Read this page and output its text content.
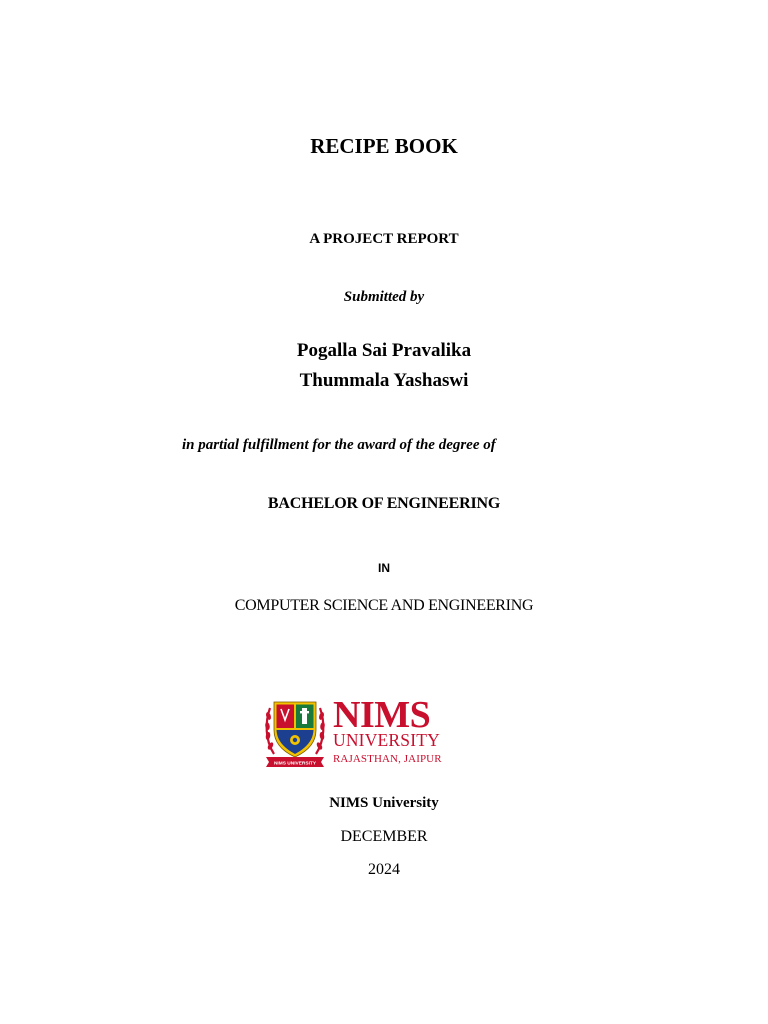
RECIPE BOOK
A PROJECT REPORT
Submitted by
Pogalla Sai Pravalika
Thummala Yashaswi
in partial fulfillment for the award of the degree of
BACHELOR OF ENGINEERING
IN
COMPUTER SCIENCE AND ENGINEERING
NIMS UNIVERSITY
NIMS
UNIVERSITY
RAJASTHAN, JAIPUR
NIMS University
DECEMBER
2024
